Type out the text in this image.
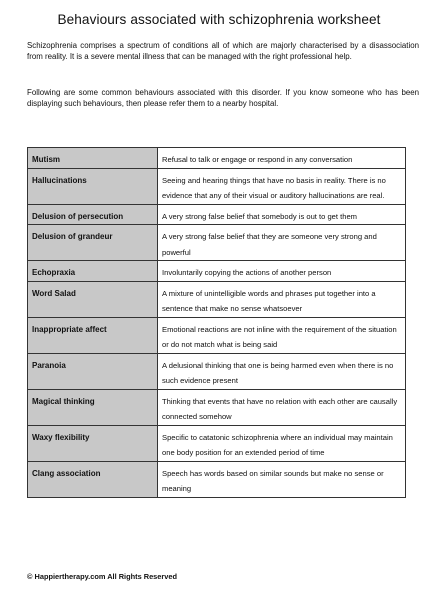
Behaviours associated with schizophrenia worksheet

Schizophrenia comprises a spectrum of conditions all of which are majorly characterised by a disassociation from reality. It is a severe mental illness that can be managed with the right professional help.

Following are some common behaviours associated with this disorder. If you know someone who has been displaying such behaviours, then please refer them to a nearby hospital.

Mutism	Refusal to talk or engage or respond in any conversation
Hallucinations	Seeing and hearing things that have no basis in reality. There is no evidence that any of their visual or auditory hallucinations are real.
Delusion of persecution	A very strong false belief that somebody is out to get them
Delusion of grandeur	A very strong false belief that they are someone very strong and powerful
Echopraxia	Involuntarily copying the actions of another person
Word Salad	A mixture of unintelligible words and phrases put together into a sentence that make no sense whatsoever
Inappropriate affect	Emotional reactions are not inline with the requirement of the situation or do not match what is being said
Paranoia	A delusional thinking that one is being harmed even when there is no such evidence present
Magical thinking	Thinking that events that have no relation with each other are causally connected somehow
Waxy flexibility	Specific to catatonic schizophrenia where an individual may maintain one body position for an extended period of time
Clang association	Speech has words based on similar sounds but make no sense or meaning
© Happiertherapy.com All Rights Reserved
